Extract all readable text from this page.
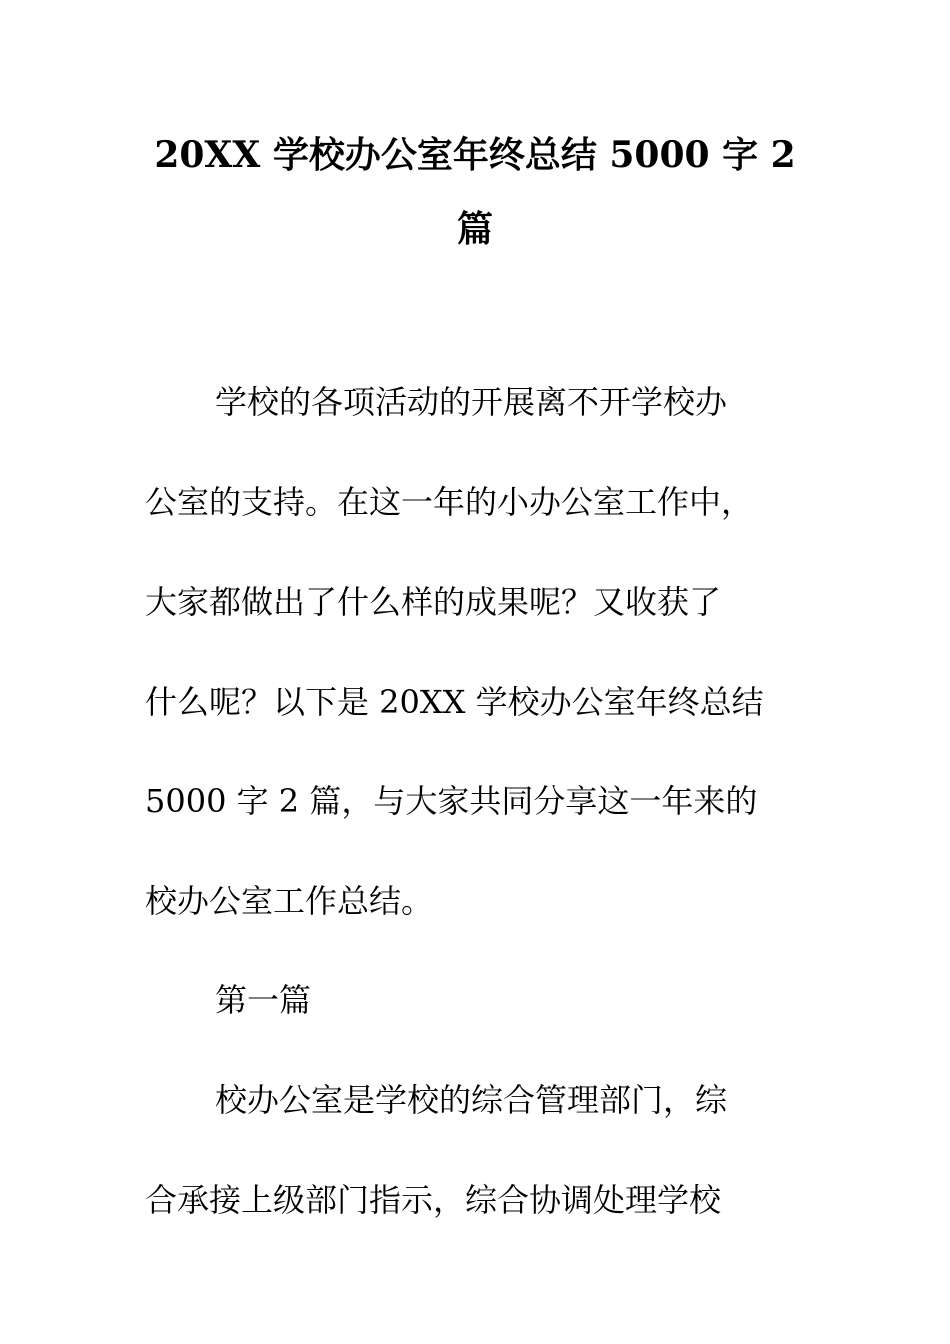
20XX 学校办公室年终总结 5000 字 2 篇

学校的各项活动的开展离不开学校办

公室的支持。在这一年的小办公室工作中，

大家都做出了什么样的成果呢？又收获了

什么呢？以下是 20XX 学校办公室年终总结

5000 字 2 篇，与大家共同分享这一年来的

校办公室工作总结。

第一篇

校办公室是学校的综合管理部门，综

合承接上级部门指示，综合协调处理学校
